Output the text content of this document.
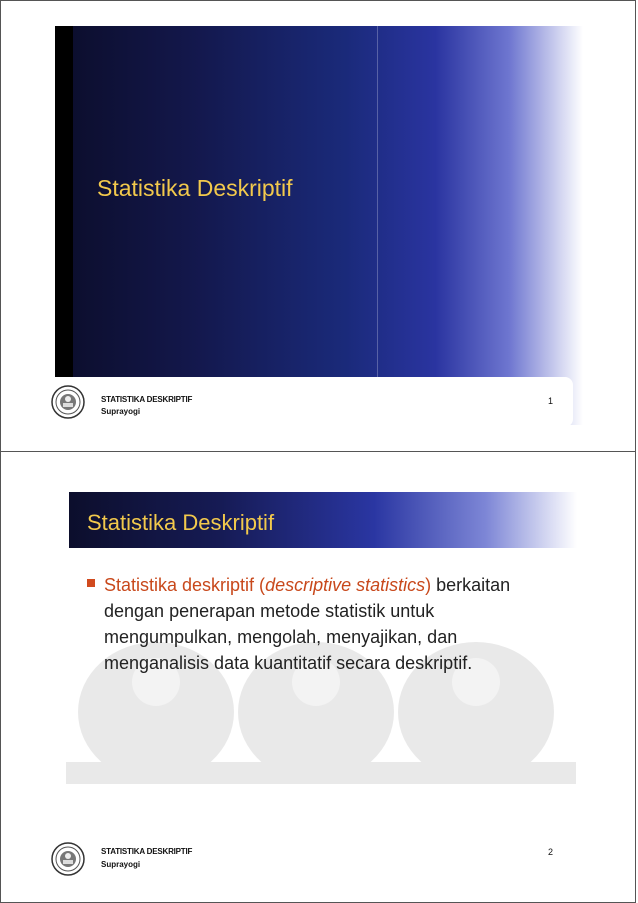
Statistika Deskriptif
STATISTIKA DESKRIPTIF
Suprayogi
1
Statistika Deskriptif
Statistika deskriptif (descriptive statistics) berkaitan dengan penerapan metode statistik untuk mengumpulkan, mengolah, menyajikan, dan menganalisis data kuantitatif secara deskriptif.
STATISTIKA DESKRIPTIF
Suprayogi
2
